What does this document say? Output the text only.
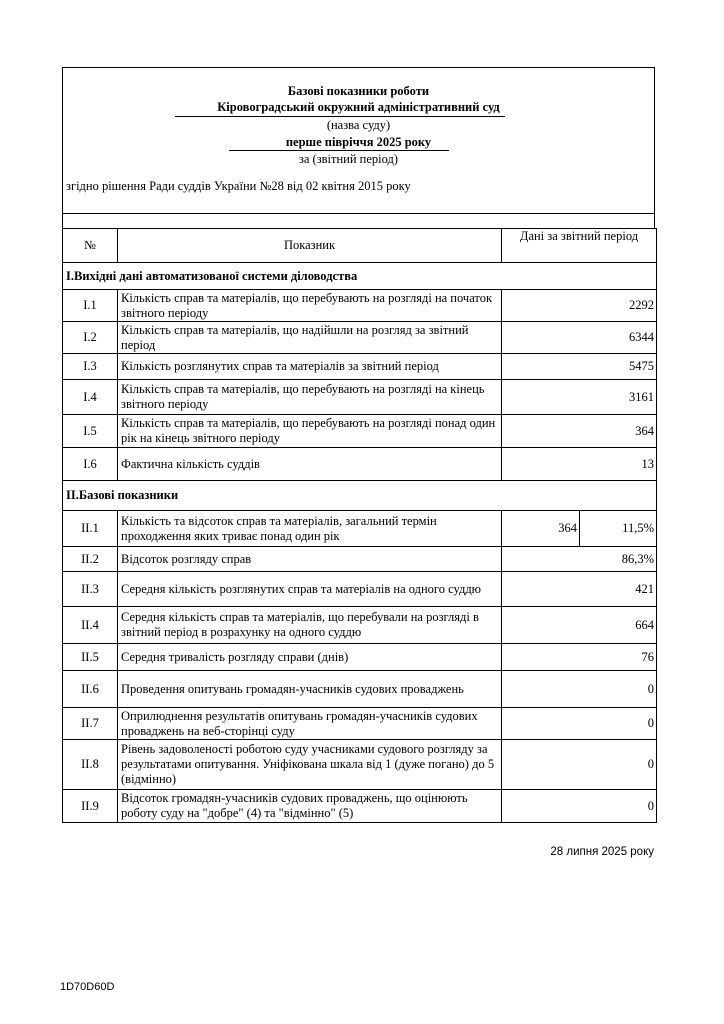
Базові показники роботи
Кіровоградський окружний адміністративний суд
(назва суду)
перше півріччя 2025 року
за (звітний період)
згідно рішення Ради суддів України №28 від 02 квітня 2015 року
№	Показник	Дані за звітний період	
I.Вихідні дані автоматизованої системи діловодства			
I.1	Кількість справ та матеріалів, що перебувають на розгляді на початок звітного періоду	2292	
I.2	Кількість справ та матеріалів, що надійшли на розгляд за звітний період	6344	
I.3	Кількість розглянутих справ та матеріалів за звітний період	5475	
I.4	Кількість справ та матеріалів, що перебувають на розгляді на кінець звітного періоду	3161	
I.5	Кількість справ та матеріалів, що перебувають на розгляді понад один рік на кінець звітного періоду	364	
I.6	Фактична кількість суддів	13	
II.Базові показники			
II.1	Кількість та відсоток справ та матеріалів, загальний термін проходження яких триває понад один рік	364	11,5%
II.2	Відсоток розгляду справ	86,3%	
II.3	Середня кількість розглянутих справ та матеріалів на одного суддю	421	
II.4	Середня кількість справ та матеріалів, що перебували на розгляді в звітний період в розрахунку на одного суддю	664	
II.5	Середня тривалість розгляду справи (днів)	76	
II.6	Проведення опитувань громадян-учасників судових проваджень	0	
II.7	Оприлюднення результатів опитувань громадян-учасників судових проваджень на веб-сторінці суду	0	
II.8	Рівень задоволеності роботою суду учасниками судового розгляду за результатами опитування. Уніфікована шкала від 1 (дуже погано) до 5 (відмінно)	0	
II.9	Відсоток громадян-учасників судових проваджень, що оцінюють роботу суду на "добре" (4) та "відмінно" (5)	0	
28 липня 2025 року
1D70D60D
